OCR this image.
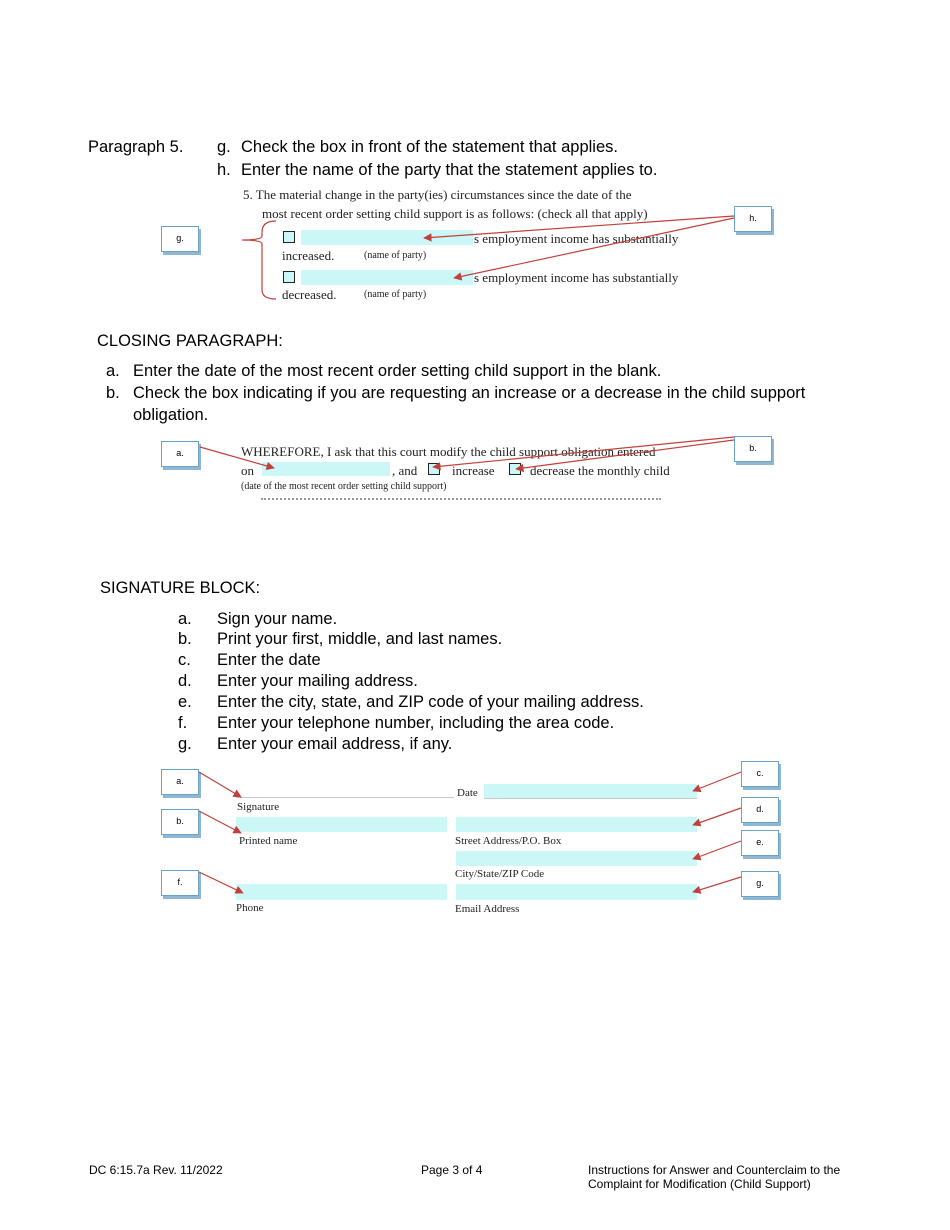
Paragraph 5. g. Check the box in front of the statement that applies.
h. Enter the name of the party that the statement applies to.
5. The material change in the party(ies) circumstances since the date of the
most recent order setting child support is as follows: (check all that apply)
s employment income has substantially
increased.	(name of party)
s employment income has substantially
decreased.	(name of party)
g.
h.
CLOSING PARAGRAPH:
a. Enter the date of the most recent order setting child support in the blank.
b. Check the box indicating if you are requesting an increase or a decrease in the child support
obligation.
WHEREFORE, I ask that this court modify the child support obligation entered
on	, and	increase	decrease the monthly child
(date of the most recent order setting child support)
a.	b.
SIGNATURE BLOCK:
a. Sign your name.
b. Print your first, middle, and last names.
c. Enter the date
d. Enter your mailing address.
e. Enter the city, state, and ZIP code of your mailing address.
f. Enter your telephone number, including the area code.
g. Enter your email address, if any.
Signature
Date
Printed name	Street Address/P.O. Box
City/State/ZIP Code
Phone	Email Address
a.
b.
f.
c.
d.
e.
g.
DC 6:15.7a Rev. 11/2022	Page 3 of 4	Instructions for Answer and Counterclaim to the
Complaint for Modification (Child Support)
